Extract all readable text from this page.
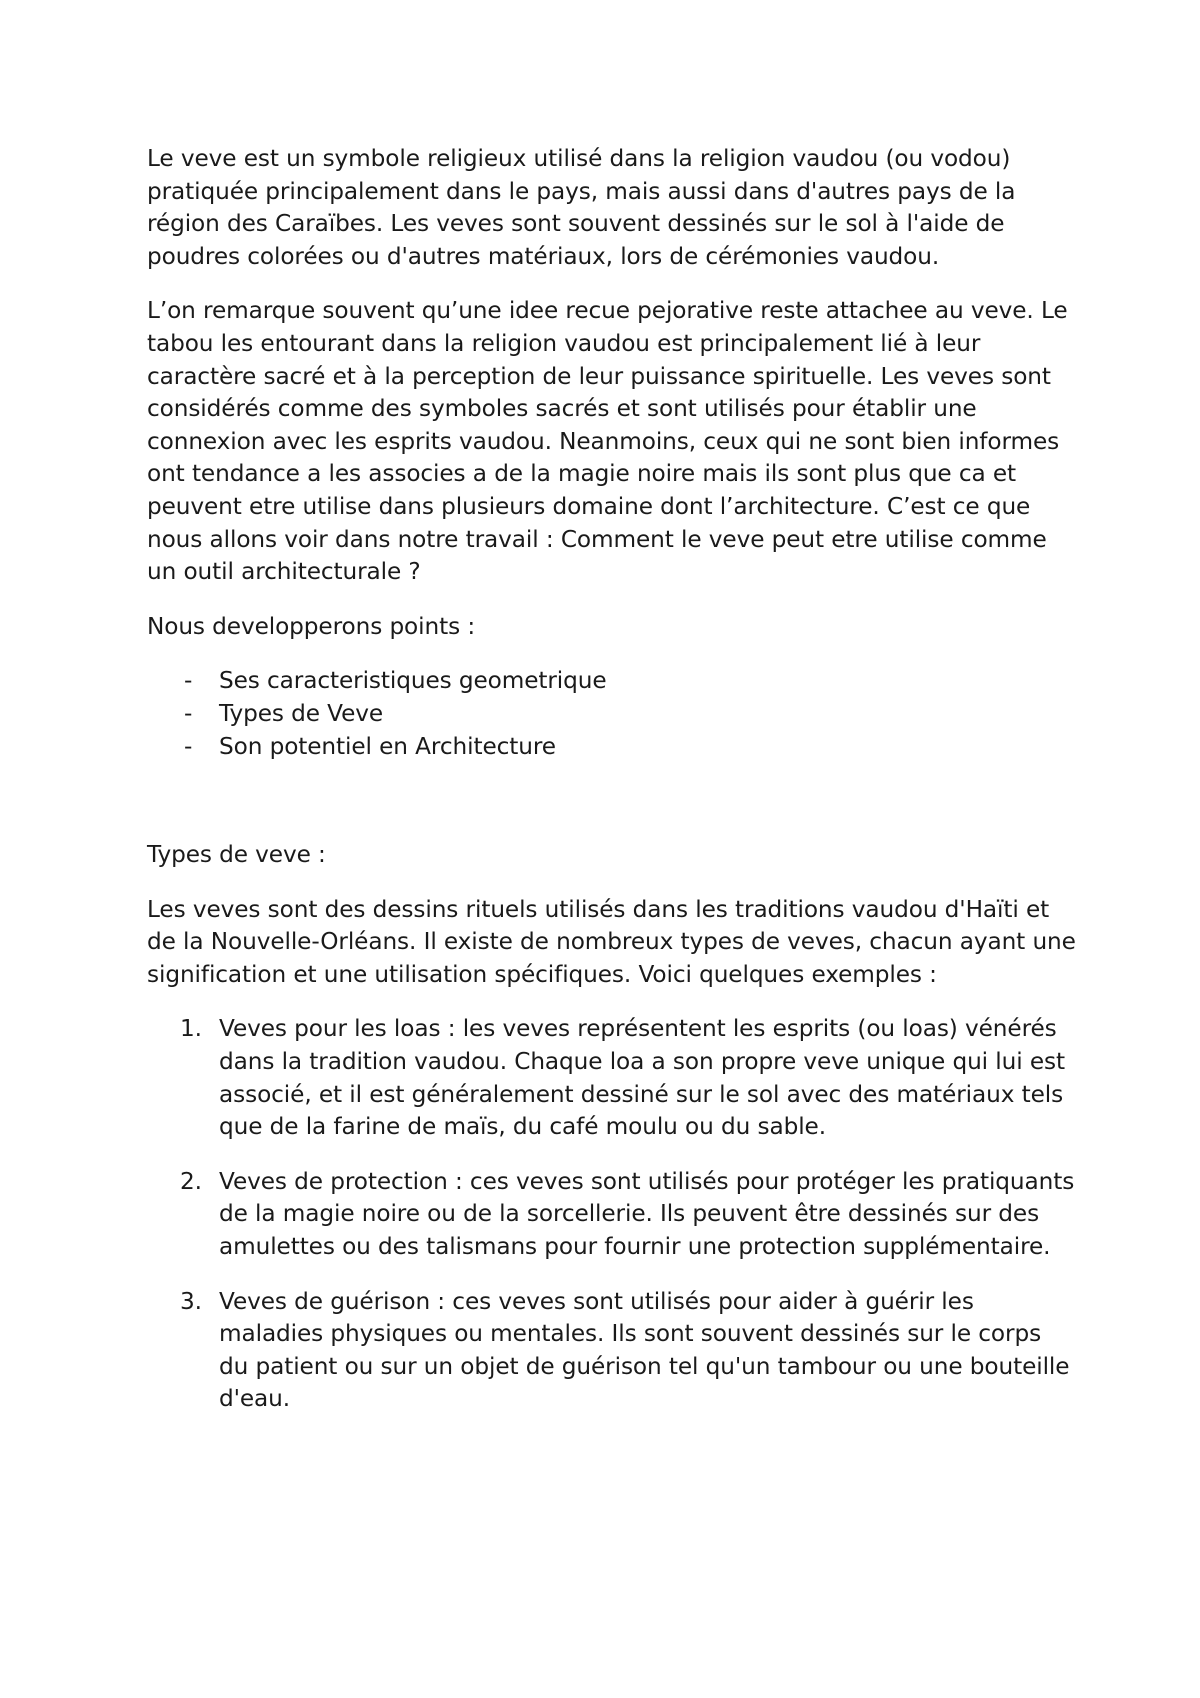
Le veve est un symbole religieux utilisé dans la religion vaudou (ou vodou) pratiquée principalement dans le pays, mais aussi dans d'autres pays de la région des Caraïbes. Les veves sont souvent dessinés sur le sol à l'aide de poudres colorées ou d'autres matériaux, lors de cérémonies vaudou.

L’on remarque souvent qu’une idee recue pejorative reste attachee au veve. Le tabou les entourant dans la religion vaudou est principalement lié à leur caractère sacré et à la perception de leur puissance spirituelle. Les veves sont considérés comme des symboles sacrés et sont utilisés pour établir une connexion avec les esprits vaudou. Neanmoins, ceux qui ne sont bien informes ont tendance a les associes a de la magie noire mais ils sont plus que ca et peuvent etre utilise dans plusieurs domaine dont l’architecture. C’est ce que nous allons voir dans notre travail : Comment le veve peut etre utilise comme un outil architecturale ?

Nous developperons points :

- Ses caracteristiques geometrique
- Types de Veve
- Son potentiel en Architecture

Types de veve :

Les veves sont des dessins rituels utilisés dans les traditions vaudou d'Haïti et de la Nouvelle-Orléans. Il existe de nombreux types de veves, chacun ayant une signification et une utilisation spécifiques. Voici quelques exemples :

1. Veves pour les loas : les veves représentent les esprits (ou loas) vénérés dans la tradition vaudou. Chaque loa a son propre veve unique qui lui est associé, et il est généralement dessiné sur le sol avec des matériaux tels que de la farine de maïs, du café moulu ou du sable.
2. Veves de protection : ces veves sont utilisés pour protéger les pratiquants de la magie noire ou de la sorcellerie. Ils peuvent être dessinés sur des amulettes ou des talismans pour fournir une protection supplémentaire.
3. Veves de guérison : ces veves sont utilisés pour aider à guérir les maladies physiques ou mentales. Ils sont souvent dessinés sur le corps du patient ou sur un objet de guérison tel qu'un tambour ou une bouteille d'eau.
